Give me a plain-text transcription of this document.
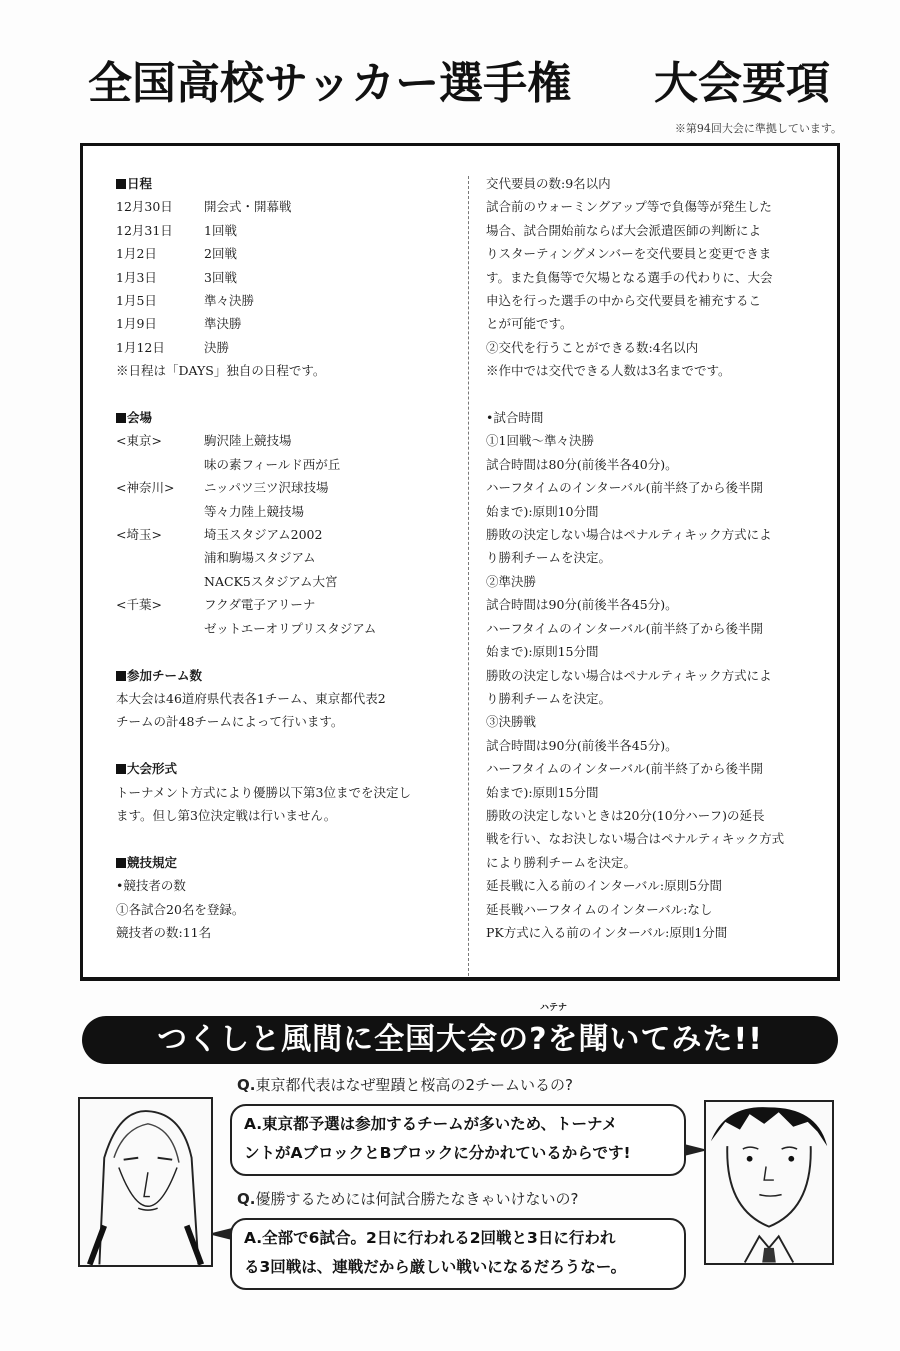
全国高校サッカー選手権 大会要項
※第94回大会に準拠しています。
日程
12月30日	開会式・開幕戦
12月31日	1回戦
1月2日	2回戦
1月3日	3回戦
1月5日	準々決勝
1月9日	準決勝
1月12日	決勝
※日程は「DAYS」独自の日程です。
会場
<東京>	駒沢陸上競技場
味の素フィールド西が丘
<神奈川>	ニッパツ三ツ沢球技場
等々力陸上競技場
<埼玉>	埼玉スタジアム2002
浦和駒場スタジアム
NACK5スタジアム大宮
<千葉>	フクダ電子アリーナ
ゼットエーオリプリスタジアム
参加チーム数
本大会は46道府県代表各1チーム、東京都代表2
チームの計48チームによって行います。
大会形式
トーナメント方式により優勝以下第3位までを決定し
ます。但し第3位決定戦は行いません。
競技規定
•競技者の数
①各試合20名を登録。
競技者の数:11名
交代要員の数:9名以内
試合前のウォーミングアップ等で負傷等が発生した
場合、試合開始前ならば大会派遣医師の判断によ
りスターティングメンバーを交代要員と変更できま
す。また負傷等で欠場となる選手の代わりに、大会
申込を行った選手の中から交代要員を補充するこ
とが可能です。
②交代を行うことができる数:4名以内
※作中では交代できる人数は3名までです。
•試合時間
①1回戦～準々決勝
試合時間は80分(前後半各40分)。
ハーフタイムのインターバル(前半終了から後半開
始まで):原則10分間
勝敗の決定しない場合はペナルティキック方式によ
り勝利チームを決定。
②準決勝
試合時間は90分(前後半各45分)。
ハーフタイムのインターバル(前半終了から後半開
始まで):原則15分間
勝敗の決定しない場合はペナルティキック方式によ
り勝利チームを決定。
③決勝戦
試合時間は90分(前後半各45分)。
ハーフタイムのインターバル(前半終了から後半開
始まで):原則15分間
勝敗の決定しないときは20分(10分ハーフ)の延長
戦を行い、なお決しない場合はペナルティキック方式
により勝利チームを決定。
延長戦に入る前のインターバル:原則5分間
延長戦ハーフタイムのインターバル:なし
PK方式に入る前のインターバル:原則1分間
ハテナ
つくしと風間に全国大会の?を聞いてみた!!
Q.東京都代表はなぜ聖蹟と桜高の2チームいるの?
A.東京都予選は参加するチームが多いため、トーナメ
ントがAブロックとBブロックに分かれているからです!
Q.優勝するためには何試合勝たなきゃいけないの?
A.全部で6試合。2日に行われる2回戦と3日に行われ
る3回戦は、連戦だから厳しい戦いになるだろうなー。
